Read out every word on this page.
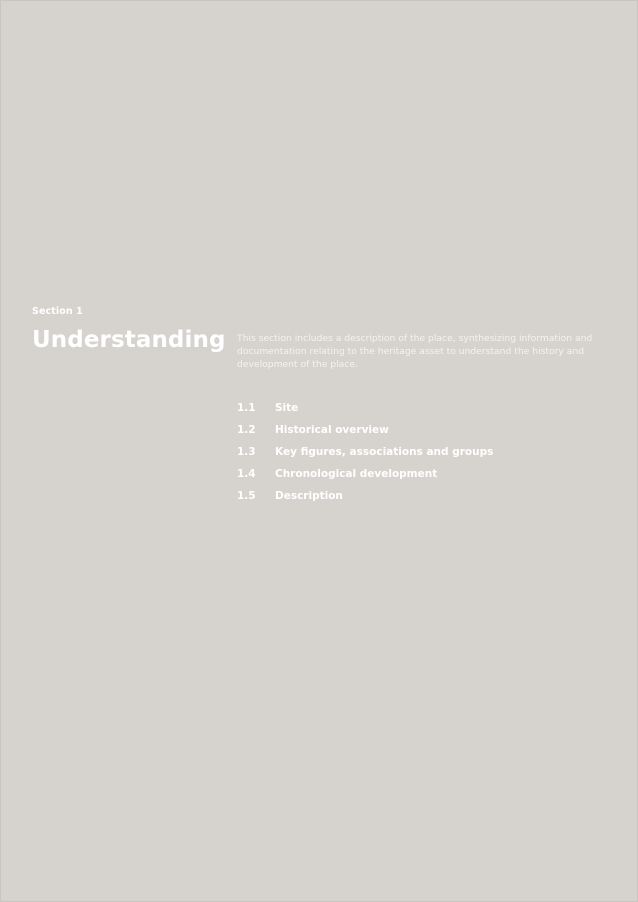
Section 1
Understanding This section includes a description of the place, synthesizing information and documentation relating to the heritage asset to understand the history and development of the place.
1.1	Site
1.2	Historical overview
1.3	Key figures, associations and groups
1.4	Chronological development
1.5	Description
